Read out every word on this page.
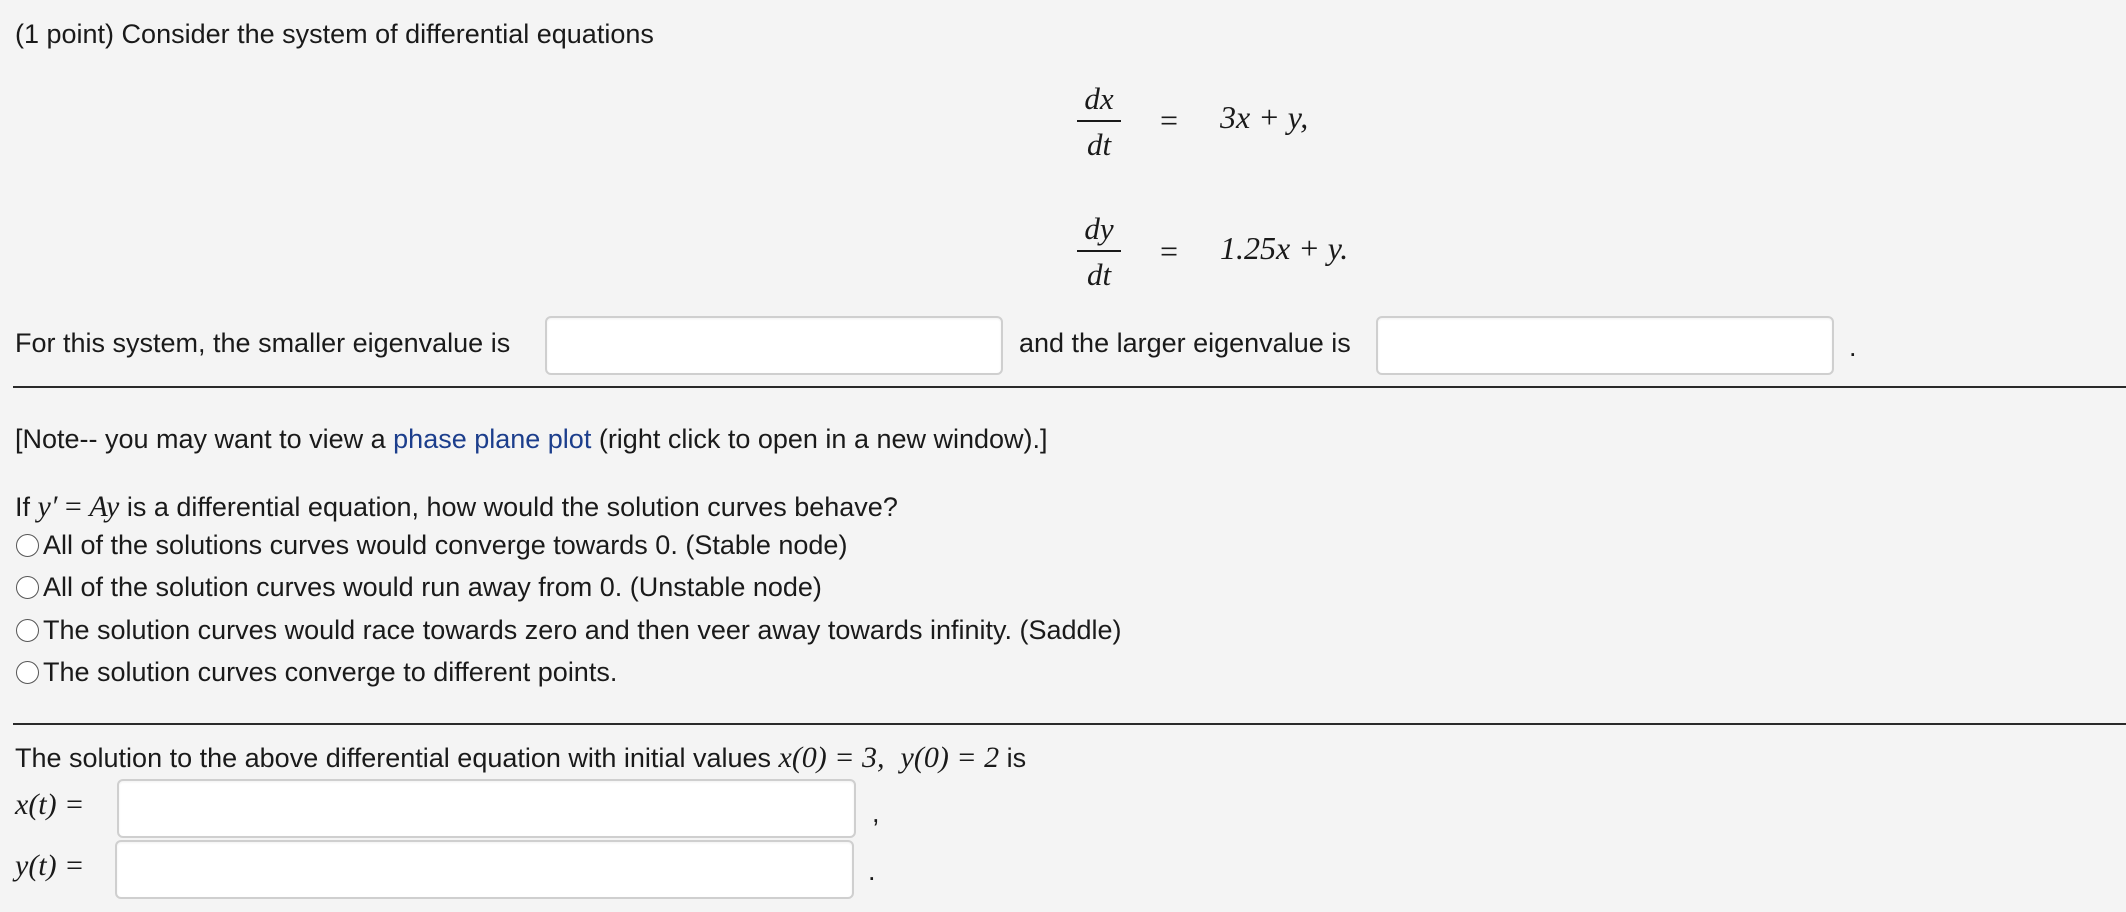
(1 point) Consider the system of differential equations
dx
dt
= 3x + y,
dy
dt
= 1.25x + y.
For this system, the smaller eigenvalue is	and the larger eigenvalue is	.
[Note-- you may want to view a phase plane plot (right click to open in a new window).]
If y′ = Ay is a differential equation, how would the solution curves behave?
All of the solutions curves would converge towards 0. (Stable node)
All of the solution curves would run away from 0. (Unstable node)
The solution curves would race towards zero and then veer away towards infinity. (Saddle)
The solution curves converge to different points.
The solution to the above differential equation with initial values x(0) = 3, y(0) = 2 is
x(t) =	,
y(t) =	.
